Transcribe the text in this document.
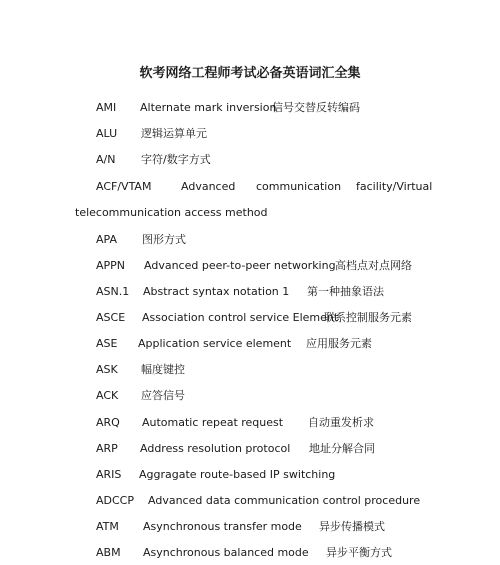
软考网络工程师考试必备英语词汇全集
AMI Alternate mark inversion
信号交替反转编码
ALU 逻辑运算单元
A/N 字符/数字方式
ACF/VTAM	Advanced communication facility/Virtual
telecommunication access method
APA 图形方式
APPN Advanced peer-to-peer networking 高档点对点网络
ASN.1 Abstract syntax notation 1 第一种抽象语法
ASCE Association control service Element
联系控制服务元素
ASE Application service element 应用服务元素
ASK 幅度键控
ACK 应答信号
ARQ Automatic repeat request 自动重发析求
ARP Address resolution protocol 地址分解合同
ARIS Aggragate route-based IP switching
ADCCP Advanced data communication control procedure
ATM Asynchronous transfer mode 异步传播模式
ABM Asynchronous balanced mode 异步平衡方式
